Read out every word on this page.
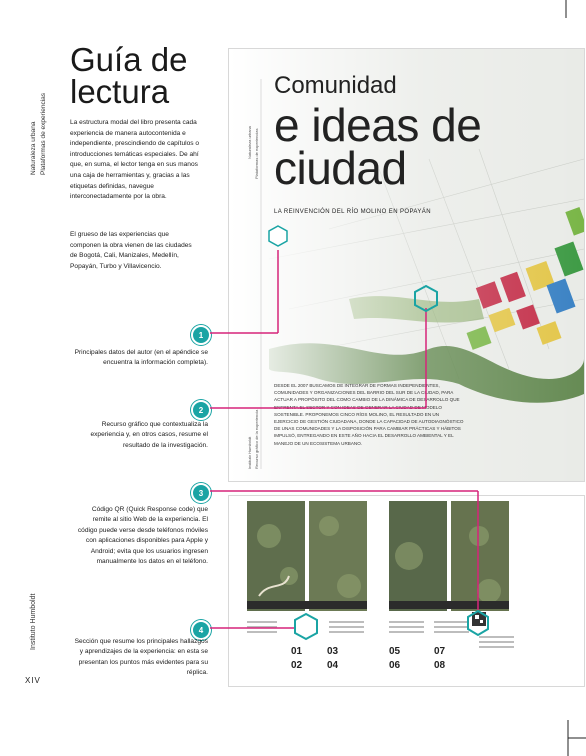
Naturaleza urbana Plataformas de experiencias
Instituto Humboldt
XIV
Guía de lectura

La estructura modal del libro presenta cada experiencia de manera autocontenida e independiente, prescindiendo de capítulos o introducciones temáticas especiales. De ahí que, en suma, el lector tenga en sus manos una caja de herramientas y, gracias a las etiquetas definidas, navegue interconectadamente por la obra.

El grueso de las experiencias que componen la obra vienen de las ciudades de Bogotá, Cali, Manizales, Medellín, Popayán, Turbo y Villavicencio.

1
2
3
4
Principales datos del autor (en el apéndice se encuentra la información completa).
Recurso gráfico que contextualiza la experiencia y, en otros casos, resume el resultado de la investigación.
Código QR (Quick Response code) que remite al sitio Web de la experiencia. El código puede verse desde teléfonos móviles con aplicaciones disponibles para Apple y Android; evita que los usuarios ingresen manualmente los datos en el teléfono.
Sección que resume los principales hallazgos y aprendizajes de la experiencia: en esta se presentan los puntos más evidentes para su réplica.
Naturaleza urbana Plataformas de experiencias
Instituto Humboldt Recurso gráfico de la experiencia
Comunidad
e ideas de
ciudad
LA REINVENCIÓN DEL RÍO MOLINO EN POPAYÁN
DESDE EL 2007 BUSCAMOS DE INTEGRAR DE FORMAS INDEPENDIENTES, COMUNIDADES Y ORGANIZACIONES DEL BARRIO DEL SUR DE LA CIUDAD, PARA ACTUAR A PROPÓSITO DEL COMO CAMBIO DE LA DINÁMICA DE DESARROLLO QUE ENFRENTA EL SECTOR Y CON IDEAS DE GENERAR LA CIUDAD DE MODELO SOSTENIBLE. PROPONEMOS CINCO RÍOS MOLINO, EL RESULTADO EN UN EJERCICIO DE GESTIÓN CIUDADANA, DONDE LA CAPACIDAD DE AUTODIAGNÓSTICO DE UNAS COMUNIDADES Y LA DISPOSICIÓN PARA CAMBIAR PRÁCTICAS Y HÁBITOS IMPULSÓ, ENTREGANDO EN ESTE AÑO HACIA EL DESARROLLO AMBIENTAL Y EL MANEJO DE UN ECOSISTEMA URBANO.
01
02
03
04
05
06
07
08
